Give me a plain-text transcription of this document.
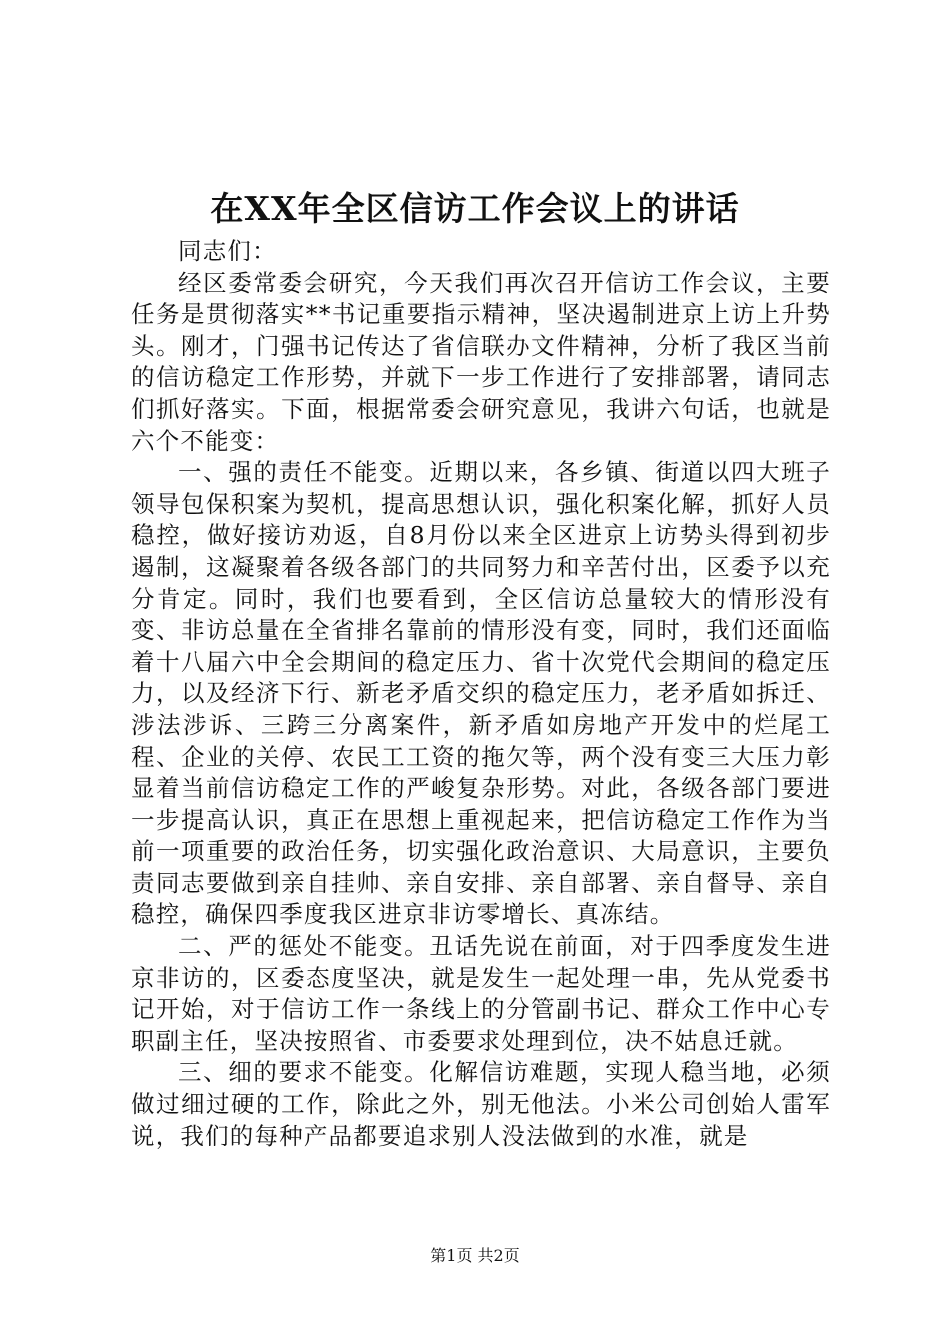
在XX年全区信访工作会议上的讲话

同志们：

经区委常委会研究，今天我们再次召开信访工作会议，主要任务是贯彻落实**书记重要指示精神，坚决遏制进京上访上升势头。刚才，门强书记传达了省信联办文件精神，分析了我区当前的信访稳定工作形势，并就下一步工作进行了安排部署，请同志们抓好落实。下面，根据常委会研究意见，我讲六句话，也就是六个不能变：

一、强的责任不能变。近期以来，各乡镇、街道以四大班子领导包保积案为契机，提高思想认识，强化积案化解，抓好人员稳控，做好接访劝返，自8月份以来全区进京上访势头得到初步遏制，这凝聚着各级各部门的共同努力和辛苦付出，区委予以充分肯定。同时，我们也要看到，全区信访总量较大的情形没有变、非访总量在全省排名靠前的情形没有变，同时，我们还面临着十八届六中全会期间的稳定压力、省十次党代会期间的稳定压力，以及经济下行、新老矛盾交织的稳定压力，老矛盾如拆迁、涉法涉诉、三跨三分离案件，新矛盾如房地产开发中的烂尾工程、企业的关停、农民工工资的拖欠等，两个没有变三大压力彰显着当前信访稳定工作的严峻复杂形势。对此，各级各部门要进一步提高认识，真正在思想上重视起来，把信访稳定工作作为当前一项重要的政治任务，切实强化政治意识、大局意识，主要负责同志要做到亲自挂帅、亲自安排、亲自部署、亲自督导、亲自稳控，确保四季度我区进京非访零增长、真冻结。

二、严的惩处不能变。丑话先说在前面，对于四季度发生进京非访的，区委态度坚决，就是发生一起处理一串，先从党委书记开始，对于信访工作一条线上的分管副书记、群众工作中心专职副主任，坚决按照省、市委要求处理到位，决不姑息迁就。

三、细的要求不能变。化解信访难题，实现人稳当地，必须做过细过硬的工作，除此之外，别无他法。小米公司创始人雷军说，我们的每种产品都要追求别人没法做到的水准，就是

第1页 共2页
